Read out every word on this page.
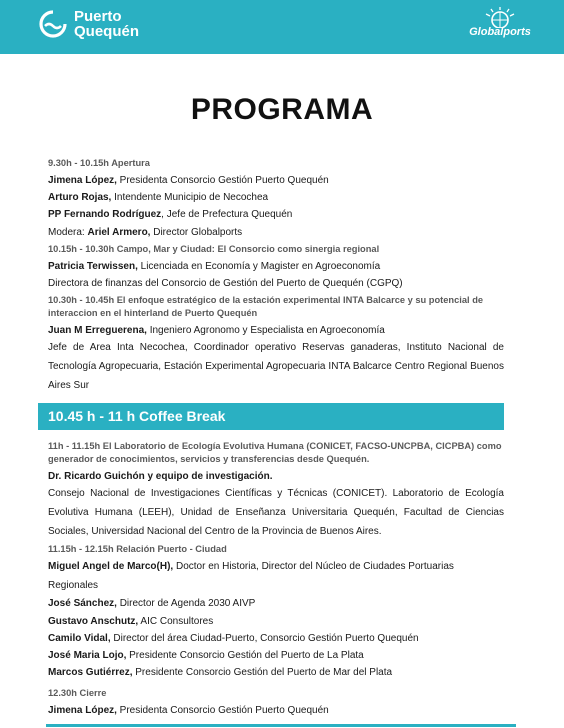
Puerto
Quequén	Globalports
PROGRAMA
9.30h - 10.15h Apertura

Jimena López, Presidenta Consorcio Gestión Puerto Quequén

Arturo Rojas, Intendente Municipio de Necochea

PP Fernando Rodríguez, Jefe de Prefectura Quequén

Modera: Ariel Armero, Director Globalports

10.15h - 10.30h Campo, Mar y Ciudad: El Consorcio como sinergia regional

Patricia Terwissen, Licenciada en Economía y Magister en Agroeconomía

Directora de finanzas del Consorcio de Gestión del Puerto de Quequén (CGPQ)

10.30h - 10.45h El enfoque estratégico de la estación experimental INTA Balcarce y su potencial de interaccion en el hinterland de Puerto Quequén

Juan M Erreguerena, Ingeniero Agronomo y Especialista en Agroeconomía

Jefe de Area Inta Necochea, Coordinador operativo Reservas ganaderas, Instituto Nacional de Tecnología Agropecuaria, Estación Experimental Agropecuaria INTA Balcarce Centro Regional Buenos Aires Sur

10.45 h - 11 h Coffee Break
11h - 11.15h El Laboratorio de Ecología Evolutiva Humana (CONICET, FACSO-UNCPBA, CICPBA) como generador de conocimientos, servicios y transferencias desde Quequén.

Dr. Ricardo Guichón y equipo de investigación.

Consejo Nacional de Investigaciones Científicas y Técnicas (CONICET). Laboratorio de Ecología Evolutiva Humana (LEEH), Unidad de Enseñanza Universitaria Quequén, Facultad de Ciencias Sociales, Universidad Nacional del Centro de la Provincia de Buenos Aires.

11.15h - 12.15h Relación Puerto - Ciudad

Miguel Angel de Marco(H), Doctor en Historia, Director del Núcleo de Ciudades Portuarias Regionales

José Sánchez, Director de Agenda 2030 AIVP

Gustavo Anschutz, AIC Consultores

Camilo Vidal, Director del área Ciudad-Puerto, Consorcio Gestión Puerto Quequén

José Maria Lojo, Presidente Consorcio Gestión del Puerto de La Plata

Marcos Gutiérrez, Presidente Consorcio Gestión del Puerto de Mar del Plata

12.30h Cierre

Jimena López, Presidenta Consorcio Gestión Puerto Quequén
